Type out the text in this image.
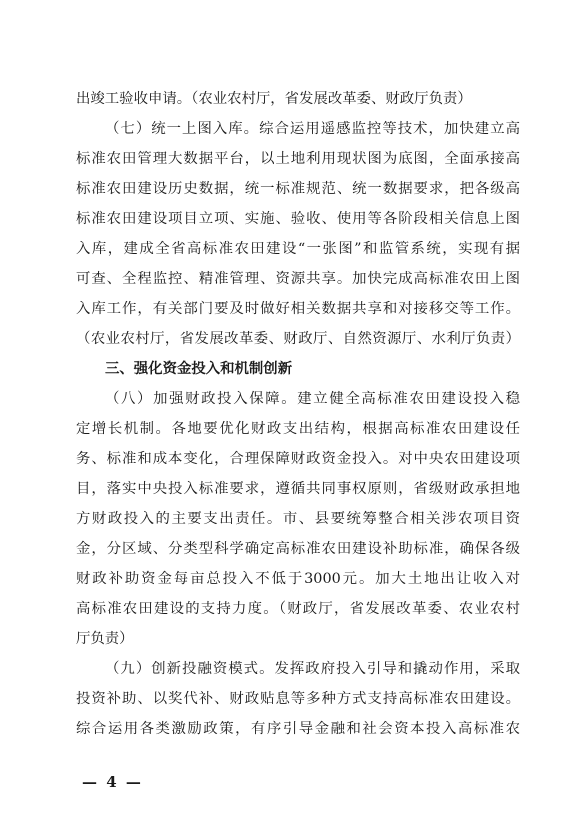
出竣工验收申请。（农业农村厅，省发展改革委、财政厅负责）
（七）统一上图入库。综合运用遥感监控等技术，加快建立高
标准农田管理大数据平台，以土地利用现状图为底图，全面承接高
标准农田建设历史数据，统一标准规范、统一数据要求，把各级高
标准农田建设项目立项、实施、验收、使用等各阶段相关信息上图
入库，建成全省高标准农田建设“一张图”和监管系统，实现有据
可查、全程监控、精准管理、资源共享。加快完成高标准农田上图
入库工作，有关部门要及时做好相关数据共享和对接移交等工作。
（农业农村厅，省发展改革委、财政厅、自然资源厅、水利厅负责）
三、强化资金投入和机制创新
（八）加强财政投入保障。建立健全高标准农田建设投入稳
定增长机制。各地要优化财政支出结构，根据高标准农田建设任
务、标准和成本变化，合理保障财政资金投入。对中央农田建设项
目，落实中央投入标准要求，遵循共同事权原则，省级财政承担地
方财政投入的主要支出责任。市、县要统筹整合相关涉农项目资
金，分区域、分类型科学确定高标准农田建设补助标准，确保各级
财政补助资金每亩总投入不低于3000元。加大土地出让收入对
高标准农田建设的支持力度。（财政厅，省发展改革委、农业农村
厅负责）
（九）创新投融资模式。发挥政府投入引导和撬动作用，采取
投资补助、以奖代补、财政贴息等多种方式支持高标准农田建设。
综合运用各类激励政策，有序引导金融和社会资本投入高标准农
— 4 —
